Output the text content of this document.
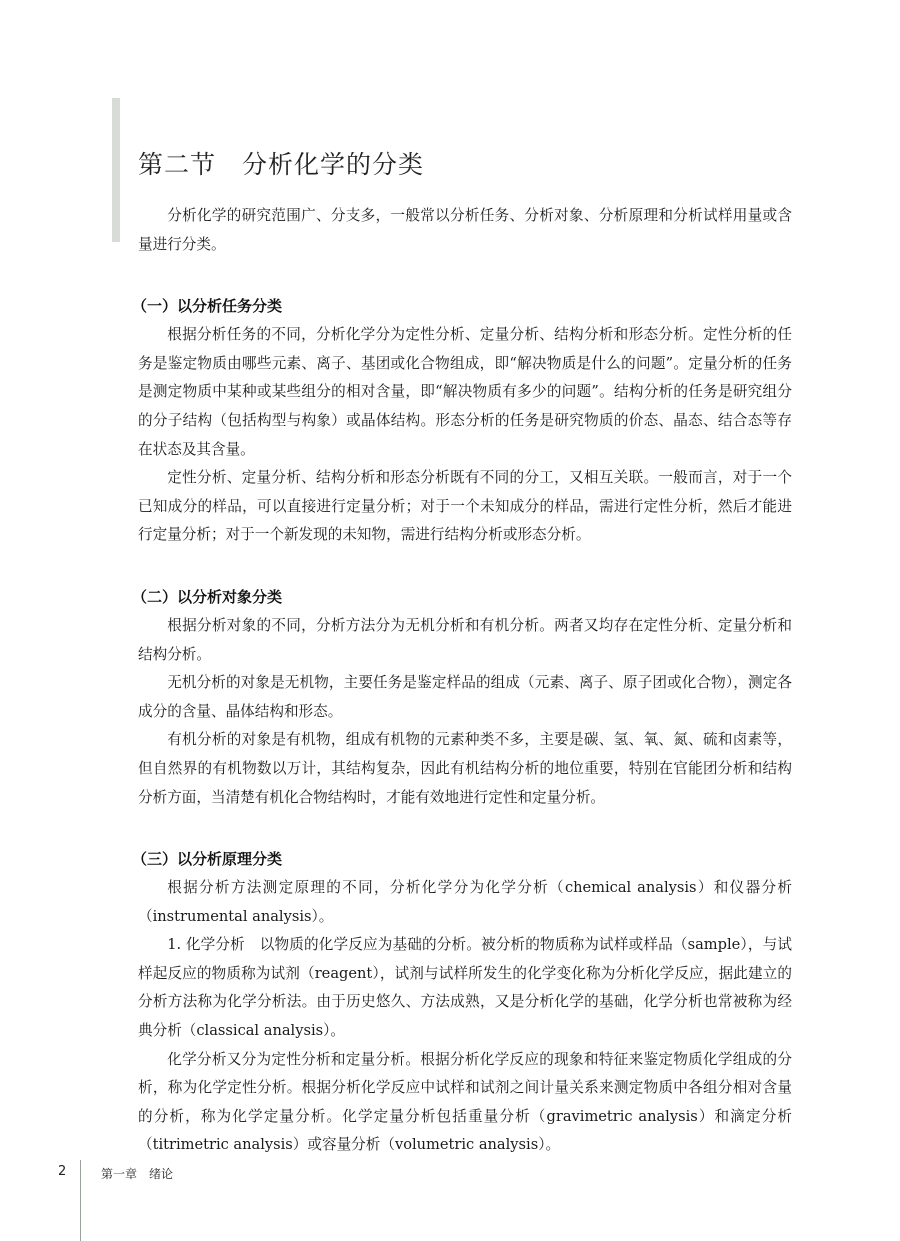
第二节　分析化学的分类

分析化学的研究范围广、分支多，一般常以分析任务、分析对象、分析原理和分析试样用量或含量进行分类。

（一）以分析任务分类

根据分析任务的不同，分析化学分为定性分析、定量分析、结构分析和形态分析。定性分析的任务是鉴定物质由哪些元素、离子、基团或化合物组成，即“解决物质是什么的问题”。定量分析的任务是测定物质中某种或某些组分的相对含量，即“解决物质有多少的问题”。结构分析的任务是研究组分的分子结构（包括构型与构象）或晶体结构。形态分析的任务是研究物质的价态、晶态、结合态等存在状态及其含量。

定性分析、定量分析、结构分析和形态分析既有不同的分工，又相互关联。一般而言，对于一个已知成分的样品，可以直接进行定量分析；对于一个未知成分的样品，需进行定性分析，然后才能进行定量分析；对于一个新发现的未知物，需进行结构分析或形态分析。

（二）以分析对象分类

根据分析对象的不同，分析方法分为无机分析和有机分析。两者又均存在定性分析、定量分析和结构分析。

无机分析的对象是无机物，主要任务是鉴定样品的组成（元素、离子、原子团或化合物），测定各成分的含量、晶体结构和形态。

有机分析的对象是有机物，组成有机物的元素种类不多，主要是碳、氢、氧、氮、硫和卤素等，但自然界的有机物数以万计，其结构复杂，因此有机结构分析的地位重要，特别在官能团分析和结构分析方面，当清楚有机化合物结构时，才能有效地进行定性和定量分析。

（三）以分析原理分类

根据分析方法测定原理的不同，分析化学分为化学分析（chemical analysis）和仪器分析（instrumental analysis）。

1. 化学分析　以物质的化学反应为基础的分析。被分析的物质称为试样或样品（sample），与试样起反应的物质称为试剂（reagent），试剂与试样所发生的化学变化称为分析化学反应，据此建立的分析方法称为化学分析法。由于历史悠久、方法成熟，又是分析化学的基础，化学分析也常被称为经典分析（classical analysis）。

化学分析又分为定性分析和定量分析。根据分析化学反应的现象和特征来鉴定物质化学组成的分析，称为化学定性分析。根据分析化学反应中试样和试剂之间计量关系来测定物质中各组分相对含量的分析，称为化学定量分析。化学定量分析包括重量分析（gravimetric analysis）和滴定分析（titrimetric analysis）或容量分析（volumetric analysis）。

2	第一章　绪论
